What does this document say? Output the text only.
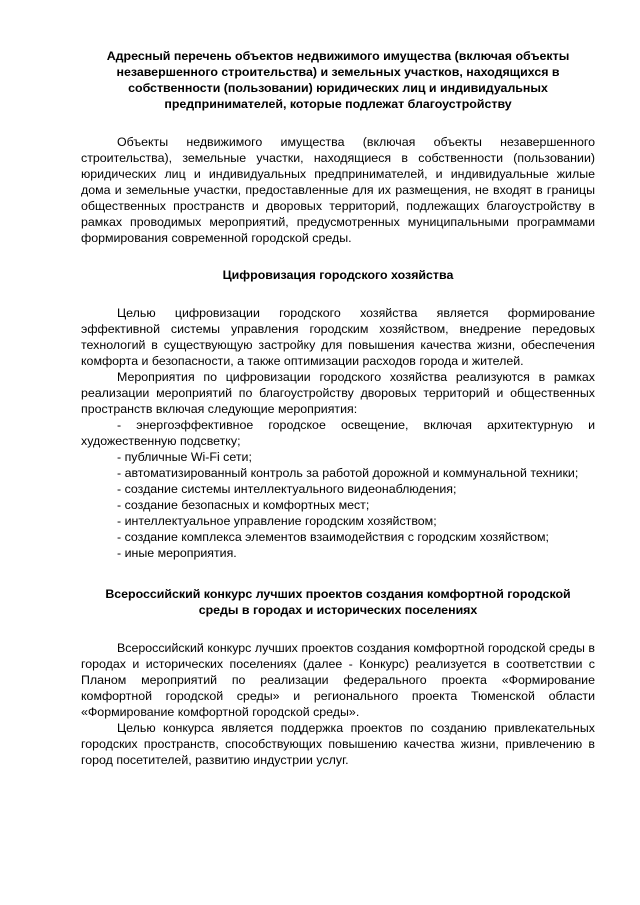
Адресный перечень объектов недвижимого имущества (включая объекты незавершенного строительства) и земельных участков, находящихся в собственности (пользовании) юридических лиц и индивидуальных предпринимателей, которые подлежат благоустройству

Объекты недвижимого имущества (включая объекты незавершенного строительства), земельные участки, находящиеся в собственности (пользовании) юридических лиц и индивидуальных предпринимателей, и индивидуальные жилые дома и земельные участки, предоставленные для их размещения, не входят в границы общественных пространств и дворовых территорий, подлежащих благоустройству в рамках проводимых мероприятий, предусмотренных муниципальными программами формирования современной городской среды.

Цифровизация городского хозяйства

Целью цифровизации городского хозяйства является формирование эффективной системы управления городским хозяйством, внедрение передовых технологий в существующую застройку для повышения качества жизни, обеспечения комфорта и безопасности, а также оптимизации расходов города и жителей.

Мероприятия по цифровизации городского хозяйства реализуются в рамках реализации мероприятий по благоустройству дворовых территорий и общественных пространств включая следующие мероприятия:

- энергоэффективное городское освещение, включая архитектурную и художественную подсветку;
- публичные Wi-Fi сети;
- автоматизированный контроль за работой дорожной и коммунальной техники;
- создание системы интеллектуального видеонаблюдения;
- создание безопасных и комфортных мест;
- интеллектуальное управление городским хозяйством;
- создание комплекса элементов взаимодействия с городским хозяйством;
- иные мероприятия.
Всероссийский конкурс лучших проектов создания комфортной городской среды в городах и исторических поселениях

Всероссийский конкурс лучших проектов создания комфортной городской среды в городах и исторических поселениях (далее - Конкурс) реализуется в соответствии с Планом мероприятий по реализации федерального проекта «Формирование комфортной городской среды» и регионального проекта Тюменской области «Формирование комфортной городской среды».

Целью конкурса является поддержка проектов по созданию привлекательных городских пространств, способствующих повышению качества жизни, привлечению в город посетителей, развитию индустрии услуг.
